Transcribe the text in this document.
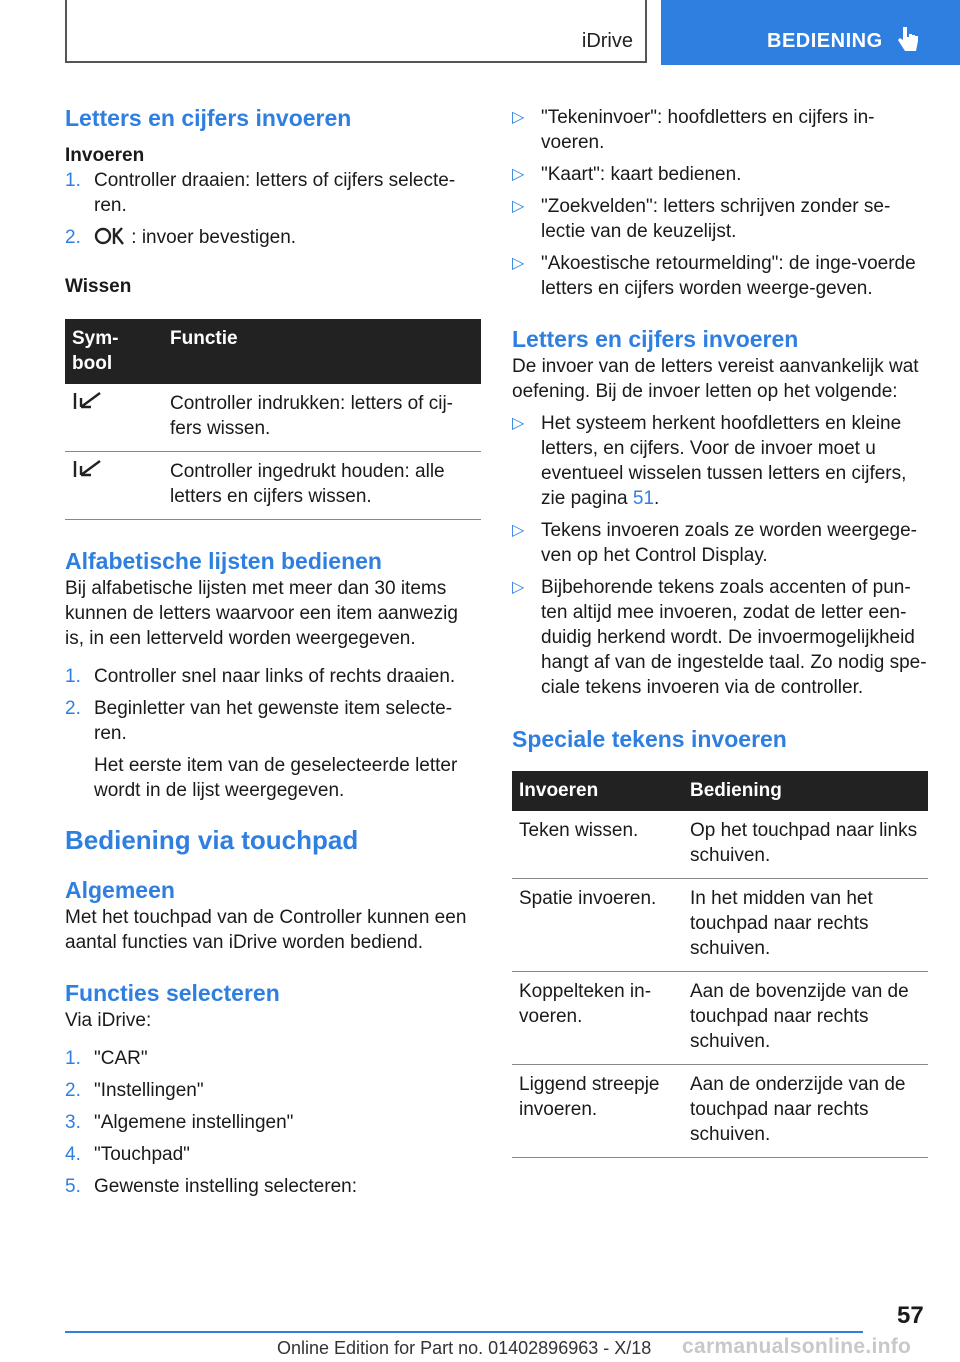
iDrive	BEDIENING
Letters en cijfers invoeren
Invoeren
1. Controller draaien: letters of cijfers selecte‐ren.
2.	: invoer bevestigen.
Wissen
Sym‐bool	Functie
	Controller indrukken: letters of cij‐fers wissen.
	Controller ingedrukt houden: alle letters en cijfers wissen.
Alfabetische lijsten bedienen

Bij alfabetische lijsten met meer dan 30 items kunnen de letters waarvoor een item aanwezig is, in een letterveld worden weergegeven.

1. Controller snel naar links of rechts draaien.
2. Beginletter van het gewenste item selecte‐ren.
Het eerste item van de geselecteerde letter wordt in de lijst weergegeven.
Bediening via touchpad
Algemeen

Met het touchpad van de Controller kunnen een aantal functies van iDrive worden bediend.

Functies selecteren

Via iDrive:

1. "CAR"
2. "Instellingen"
3. "Algemene instellingen"
4. "Touchpad"
5. Gewenste instelling selecteren:
▷ "Tekeninvoer": hoofdletters en cijfers in‐voeren.
▷ "Kaart": kaart bedienen.
▷ "Zoekvelden": letters schrijven zonder se‐lectie van de keuzelijst.
▷ "Akoestische retourmelding": de inge‐voerde letters en cijfers worden weerge‐geven.
Letters en cijfers invoeren

De invoer van de letters vereist aanvankelijk wat oefening. Bij de invoer letten op het volgende:

▷ Het systeem herkent hoofdletters en kleine letters, en cijfers. Voor de invoer moet u eventueel wisselen tussen letters en cijfers, zie pagina 51.
▷ Tekens invoeren zoals ze worden weergege‐ven op het Control Display.
▷ Bijbehorende tekens zoals accenten of pun‐ten altijd mee invoeren, zodat de letter een‐duidig herkend wordt. De invoermogelijkheid hangt af van de ingestelde taal. Zo nodig spe‐ciale tekens invoeren via de controller.
Speciale tekens invoeren
Invoeren	Bediening
Teken wissen.	Op het touchpad naar links schuiven.
Spatie invoeren.	In het midden van het touchpad naar rechts schuiven.
Koppelteken in‐voeren.	Aan de bovenzijde van de touchpad naar rechts schuiven.
Liggend streepje invoeren.	Aan de onderzijde van de touchpad naar rechts schuiven.
57
Online Edition for Part no. 01402896963 - X/18 carmanualsonline.info
